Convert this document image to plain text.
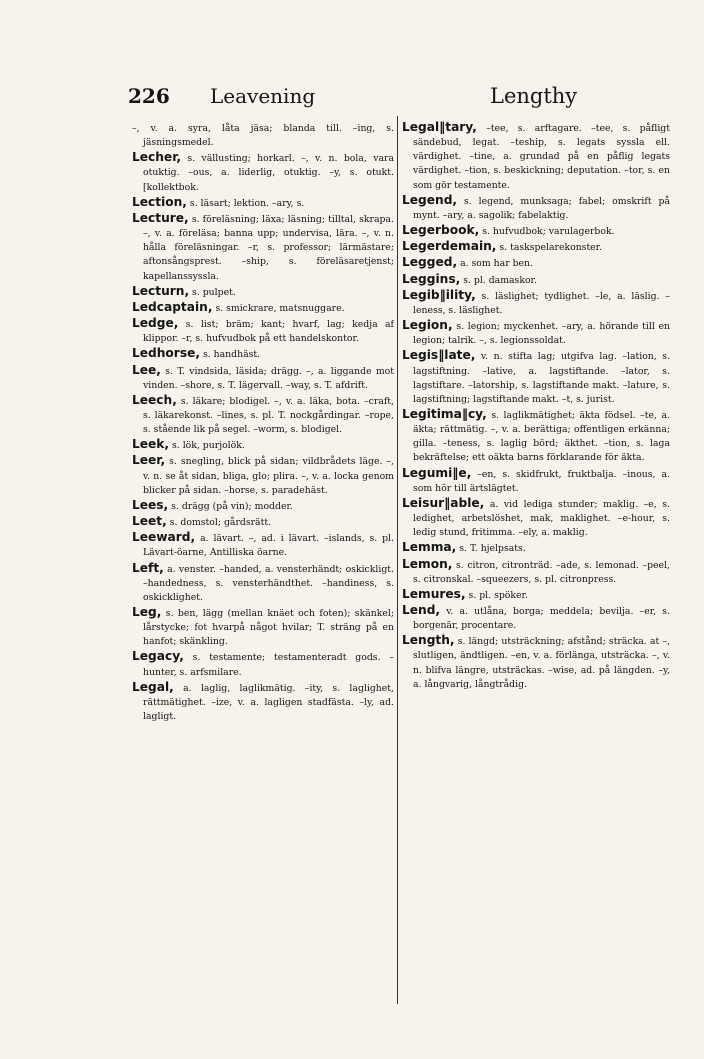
226 Leavening	Lengthy

–, v. a. syra, låta jäsa; blanda till. –ing, s. jäsningsmedel.

Lecher, s. vällusting; horkarl. –, v. n. bola, vara otuktig. –ous, a. liderlig, otuktig. –y, s. otukt. [kollektbok.

Lection, s. läsart; lektion. –ary, s.

Lecture, s. föreläsning; läxa; läsning; tilltal, skrapa. –, v. a. föreläsa; banna upp; undervisa, lära. –, v. n. hålla föreläsningar. –r, s. professor; lärmästare; aftonsångsprest. –ship, s. föreläsaretjenst; kapellanssyssla.

Lecturn, s. pulpet.

Ledcaptain, s. smickrare, matsnuggare.

Ledge, s. list; bräm; kant; hvarf, lag; kedja af klippor. –r, s. hufvudbok på ett handelskontor.

Ledhorse, s. handhäst.

Lee, s. T. vindsida, läsida; drägg. –, a. liggande mot vinden. –shore, s. T. lägervall. –way, s. T. afdrift.

Leech, s. läkare; blodigel. –, v. a. läka, bota. –craft, s. läkarekonst. –lines, s. pl. T. nockgårdingar. –rope, s. stående lik på segel. –worm, s. blodigel.

Leek, s. lök, purjolök.

Leer, s. snegling, blick på sidan; vildbrådets läge. –, v. n. se åt sidan, bliga, glo; plira. –, v. a. locka genom blicker på sidan. –horse, s. paradehäst.

Lees, s. drägg (på vin); modder.

Leet, s. domstol; gårdsrätt.

Leeward, a. lävart. –, ad. i lävart. –islands, s. pl. Lävart-öarne, Antilliska öarne.

Left, a. venster. –handed, a. vensterhändt; oskickligt. –handedness, s. vensterhändthet. –handiness, s. oskicklighet.

Leg, s. ben, lägg (mellan knäet och foten); skänkel; lårstycke; fot hvarpå något hvilar; T. sträng på en hanfot; skänkling.

Legacy, s. testamente; testamenteradt gods. –hunter, s. arfsmilare.

Legal, a. laglig, laglikmätig. –ity, s. laglighet, rättmätighet. –ize, v. a. lagligen stadfästa. –ly, ad. lagligt.

Legal‖tary, –tee, s. arftagare. –tee, s. påfligt sändebud, legat. –teship, s. legats syssla ell. värdighet. –tine, a. grundad på en påflig legats värdighet. –tion, s. beskickning; deputation. –tor, s. en som gör testamente.

Legend, s. legend, munksaga; fabel; omskrift på mynt. –ary, a. sagolik; fabelaktig.

Legerbook, s. hufvudbok; varulagerbok.

Legerdemain, s. taskspelarekonster.

Legged, a. som har ben.

Leggins, s. pl. damaskor.

Legib‖ility, s. läslighet; tydlighet. –le, a. läslig. –leness, s. läslighet.

Legion, s. legion; myckenhet. –ary, a. hörande till en legion; talrik. –, s. legionssoldat.

Legis‖late, v. n. stifta lag; utgifva lag. –lation, s. lagstiftning. –lative, a. lagstiftande. –lator, s. lagstiftare. –latorship, s. lagstiftande makt. –lature, s. lagstiftning; lagstiftande makt. –t, s. jurist.

Legitima‖cy, s. laglikmätighet; äkta födsel. –te, a. äkta; rättmätig. –, v. a. berättiga; offentligen erkänna; gilla. –teness, s. laglig börd; äkthet. –tion, s. laga bekräftelse; ett oäkta barns förklarande för äkta.

Legumi‖e, –en, s. skidfrukt, fruktbalja. –inous, a. som hör till ärtslägtet.

Leisur‖able, a. vid lediga stunder; maklig. –e, s. ledighet, arbetslöshet, mak, maklighet. –e-hour, s. ledig stund, fritimma. –ely, a. maklig.

Lemma, s. T. hjelpsats.

Lemon, s. citron, citronträd. –ade, s. lemonad. –peel, s. citronskal. –squeezers, s. pl. citronpress.

Lemures, s. pl. spöker.

Lend, v. a. utlåna, borga; meddela; bevilja. –er, s. borgenär, procentare.

Length, s. längd; utsträckning; afstånd; sträcka. at –, slutligen, ändtligen. –en, v. a. förlänga, utsträcka. –, v. n. blifva längre, utsträckas. –wise, ad. på längden. –y, a. långvarig, långtrådig.
